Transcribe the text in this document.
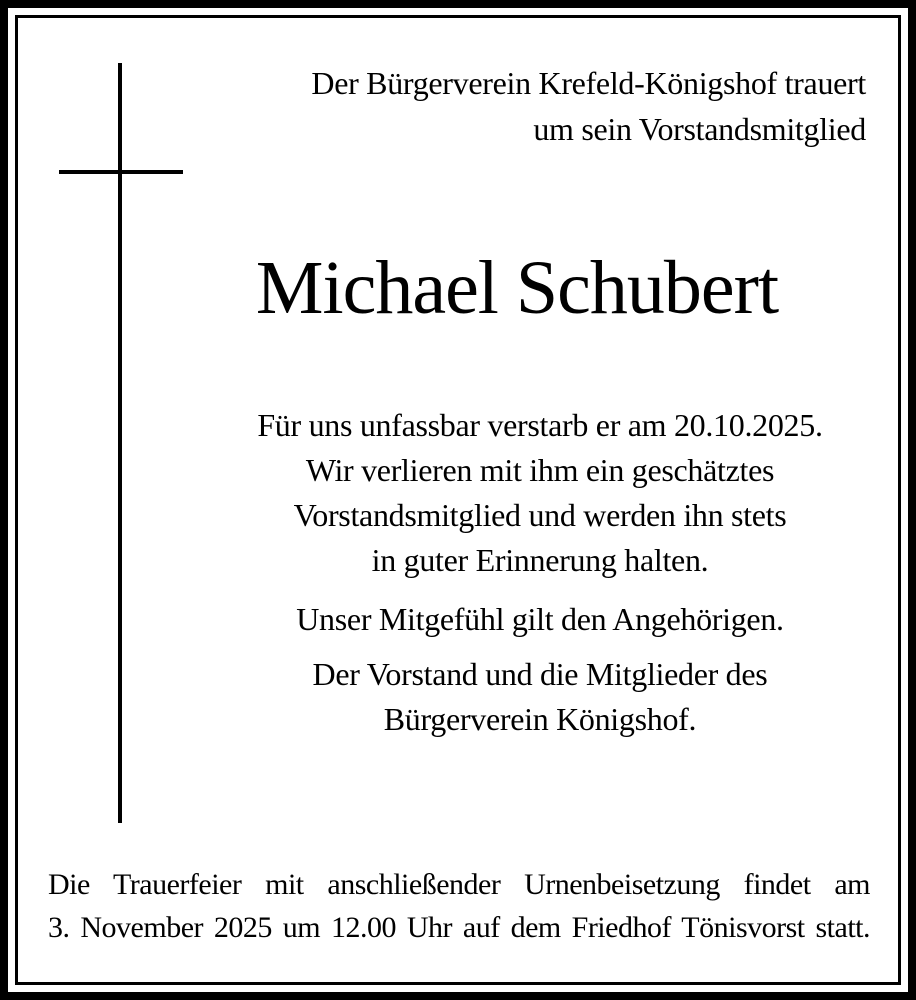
Der Bürgerverein Krefeld-Königshof trauert
um sein Vorstandsmitglied
Michael Schubert
Für uns unfassbar verstarb er am 20.10.2025.
Wir verlieren mit ihm ein geschätztes
Vorstandsmitglied und werden ihn stets
in guter Erinnerung halten.
Unser Mitgefühl gilt den Angehörigen.
Der Vorstand und die Mitglieder des
Bürgerverein Königshof.
Die Trauerfeier mit anschließender Urnenbeisetzung findet am
3. November 2025 um 12.00 Uhr auf dem Friedhof Tönisvorst statt.
